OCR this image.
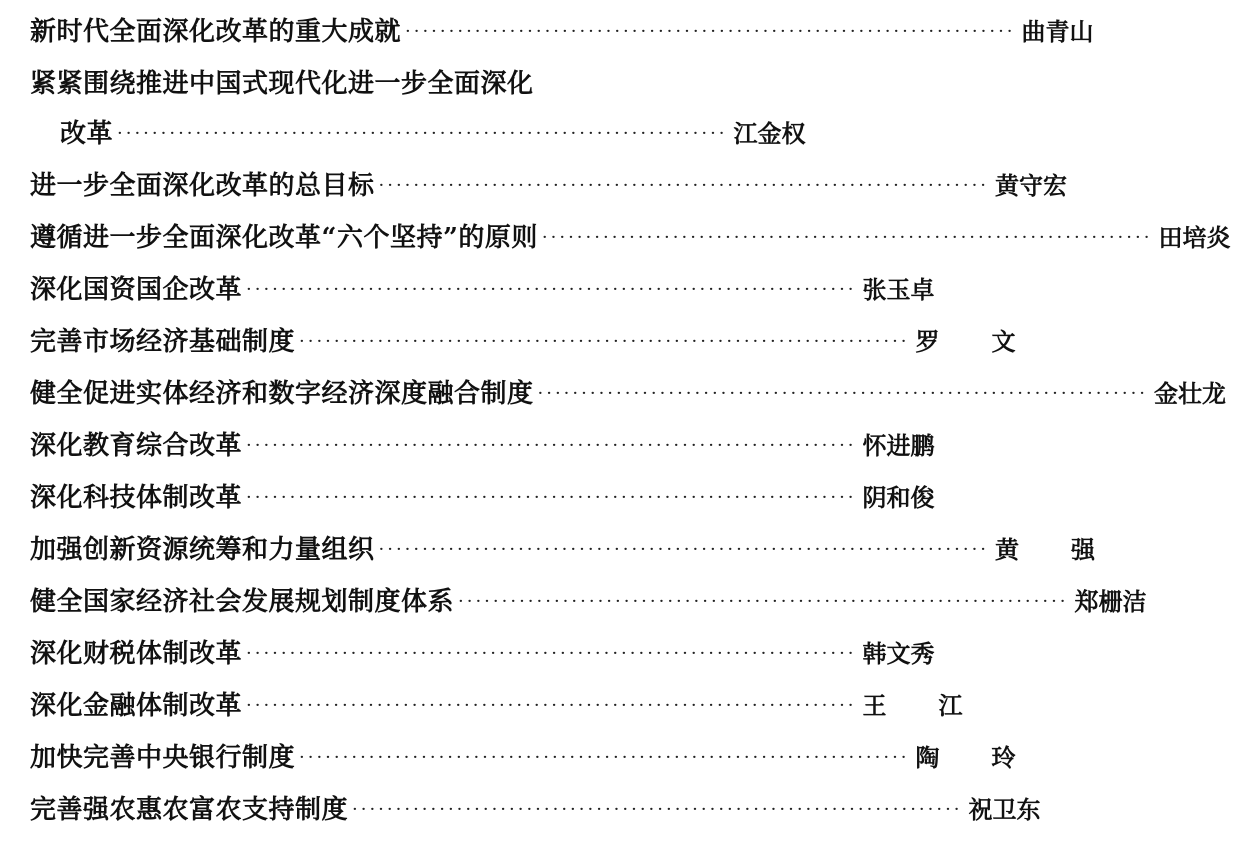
新时代全面深化改革的重大成就 ······································································ 曲青山
紧紧围绕推进中国式现代化进一步全面深化
改革 ······································································ 江金权
进一步全面深化改革的总目标 ······································································ 黄守宏
遵循进一步全面深化改革“六个坚持”的原则 ······································································ 田培炎
深化国资国企改革 ······································································ 张玉卓
完善市场经济基础制度 ······································································ 罗 文
健全促进实体经济和数字经济深度融合制度 ······································································ 金壮龙
深化教育综合改革 ······································································ 怀进鹏
深化科技体制改革 ······································································ 阴和俊
加强创新资源统筹和力量组织 ······································································ 黄 强
健全国家经济社会发展规划制度体系 ······································································ 郑栅洁
深化财税体制改革 ······································································ 韩文秀
深化金融体制改革 ······································································ 王 江
加快完善中央银行制度 ······································································ 陶 玲
完善强农惠农富农支持制度 ······································································ 祝卫东
